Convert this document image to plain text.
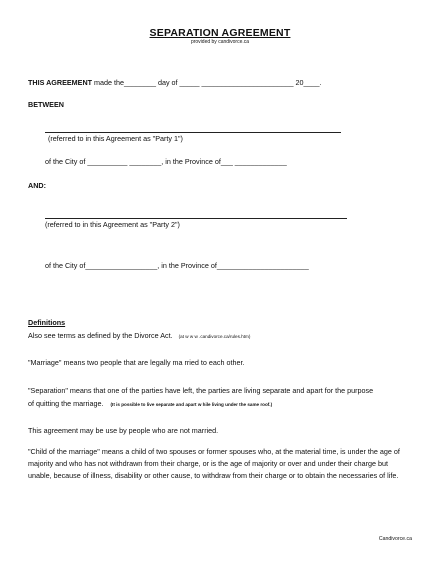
SEPARATION AGREEMENT
provided by candivorce.ca
THIS AGREEMENT made the________ day of _____ _______________________ 20____.
BETWEEN
(referred to in this Agreement as "Party 1")
of the City of __________ ________, in the Province of___ _____________
AND:
(referred to in this Agreement as "Party 2")
of the City of__________________, in the Province of_______________________
Definitions
Also see terms as defined by the Divorce Act. (at w w w .candivorce.ca/rules.htm)
"Marriage" means two people that are legally ma rried to each other.
"Separation" means that one of the parties have left, the parties are living separate and apart for the purpose
of quitting the marriage. (It is possible to live separate and apart w hile living under the same roof.)
This agreement may be use by people who are not married.
"Child of the marriage" means a child of two spouses or former spouses who, at the material time, is under the age of majority and who has not withdrawn from their charge, or is the age of majority or over and under their charge but unable, because of illness, disability or other cause, to withdraw from their charge or to obtain the necessaries of life.
Candivorce.ca
